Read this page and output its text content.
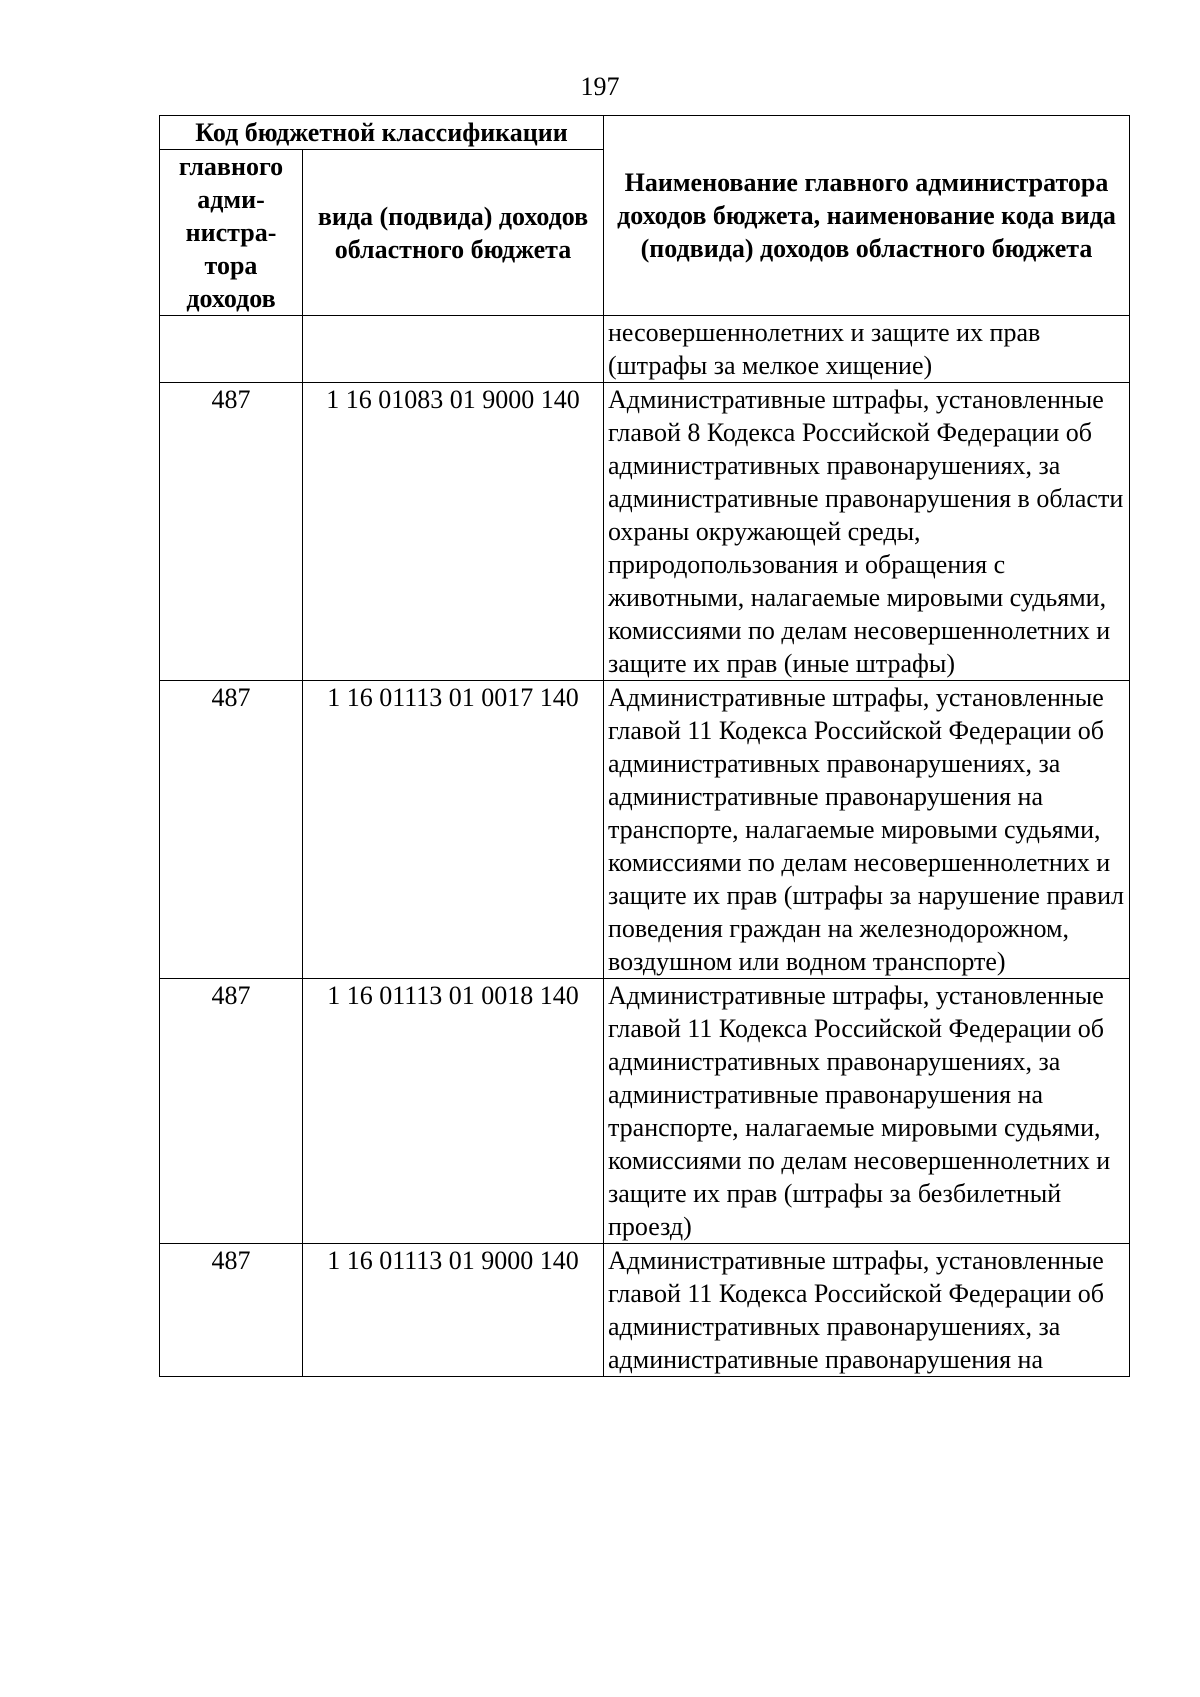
197
Код бюджетной классификации		Наименование главного администратора доходов бюджета, наименование кода вида (подвида) доходов областного бюджета
главного адми-нистра-тора доходов	вида (подвида) доходов областного бюджета	
		несовершеннолетних и защите их прав (штрафы за мелкое хищение)
487	1 16 01083 01 9000 140	Административные штрафы, установленные главой 8 Кодекса Российской Федерации об административных правонарушениях, за административные правонарушения в области охраны окружающей среды, природопользования и обращения с животными, налагаемые мировыми судьями, комиссиями по делам несовершеннолетних и защите их прав (иные штрафы)
487	1 16 01113 01 0017 140	Административные штрафы, установленные главой 11 Кодекса Российской Федерации об административных правонарушениях, за административные правонарушения на транспорте, налагаемые мировыми судьями, комиссиями по делам несовершеннолетних и защите их прав (штрафы за нарушение правил поведения граждан на железнодорожном, воздушном или водном транспорте)
487	1 16 01113 01 0018 140	Административные штрафы, установленные главой 11 Кодекса Российской Федерации об административных правонарушениях, за административные правонарушения на транспорте, налагаемые мировыми судьями, комиссиями по делам несовершеннолетних и защите их прав (штрафы за безбилетный проезд)
487	1 16 01113 01 9000 140	Административные штрафы, установленные главой 11 Кодекса Российской Федерации об административных правонарушениях, за административные правонарушения на
